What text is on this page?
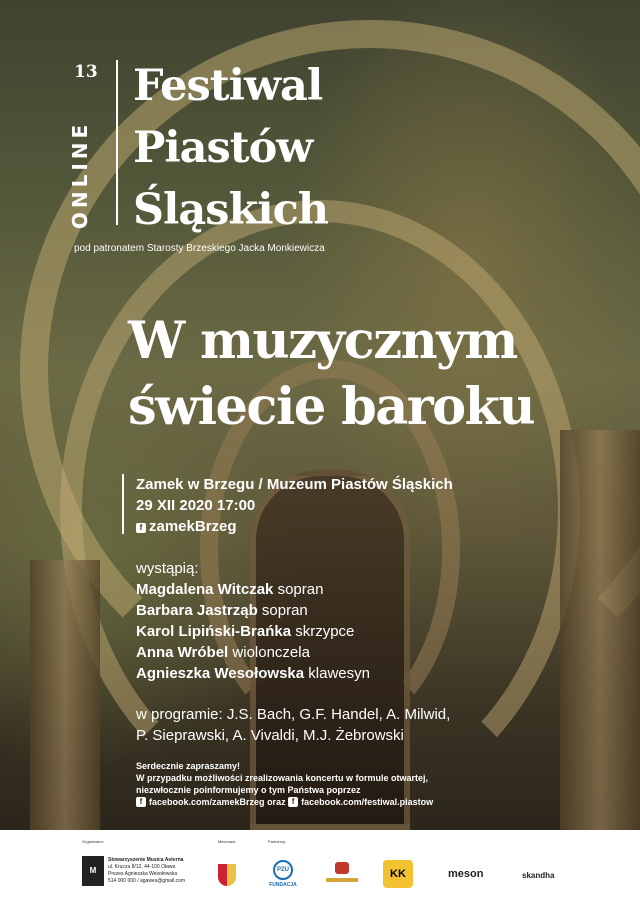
13
ONLINE
Festiwal
Piastów
Śląskich
pod patronatem Starosty Brzeskiego Jacka Monkiewicza
W muzycznym
świecie baroku
Zamek w Brzegu / Muzeum Piastów Śląskich
29 XII 2020 17:00
f zamekBrzeg
wystąpią:
Magdalena Witczak sopran
Barbara Jastrząb sopran
Karol Lipiński-Brańka skrzypce
Anna Wróbel wiolonczela
Agnieszka Wesołowska klawesyn
w programie: J.S. Bach, G.F. Handel, A. Milwid,
P. Sieprawski, A. Vivaldi, M.J. Żebrowski
Serdecznie zapraszamy!
W przypadku możliwości zrealizowania koncertu w formule otwartej,
niezwłocznie poinformujemy o tym Państwa poprzez
f facebook.com/zamekBrzeg oraz f facebook.com/festiwal.piastow
Organizator:	Mecenasi:	Partnerzy:
M
Stowarzyszenie Musica Aeterna
ul. Krucza 8/12, 44-100 Oława
Prezes Agnieszka Wesołowska
514 000 000 / agawes@gmail.com
PZU
FUNDACJA
KK	meson	skandha
